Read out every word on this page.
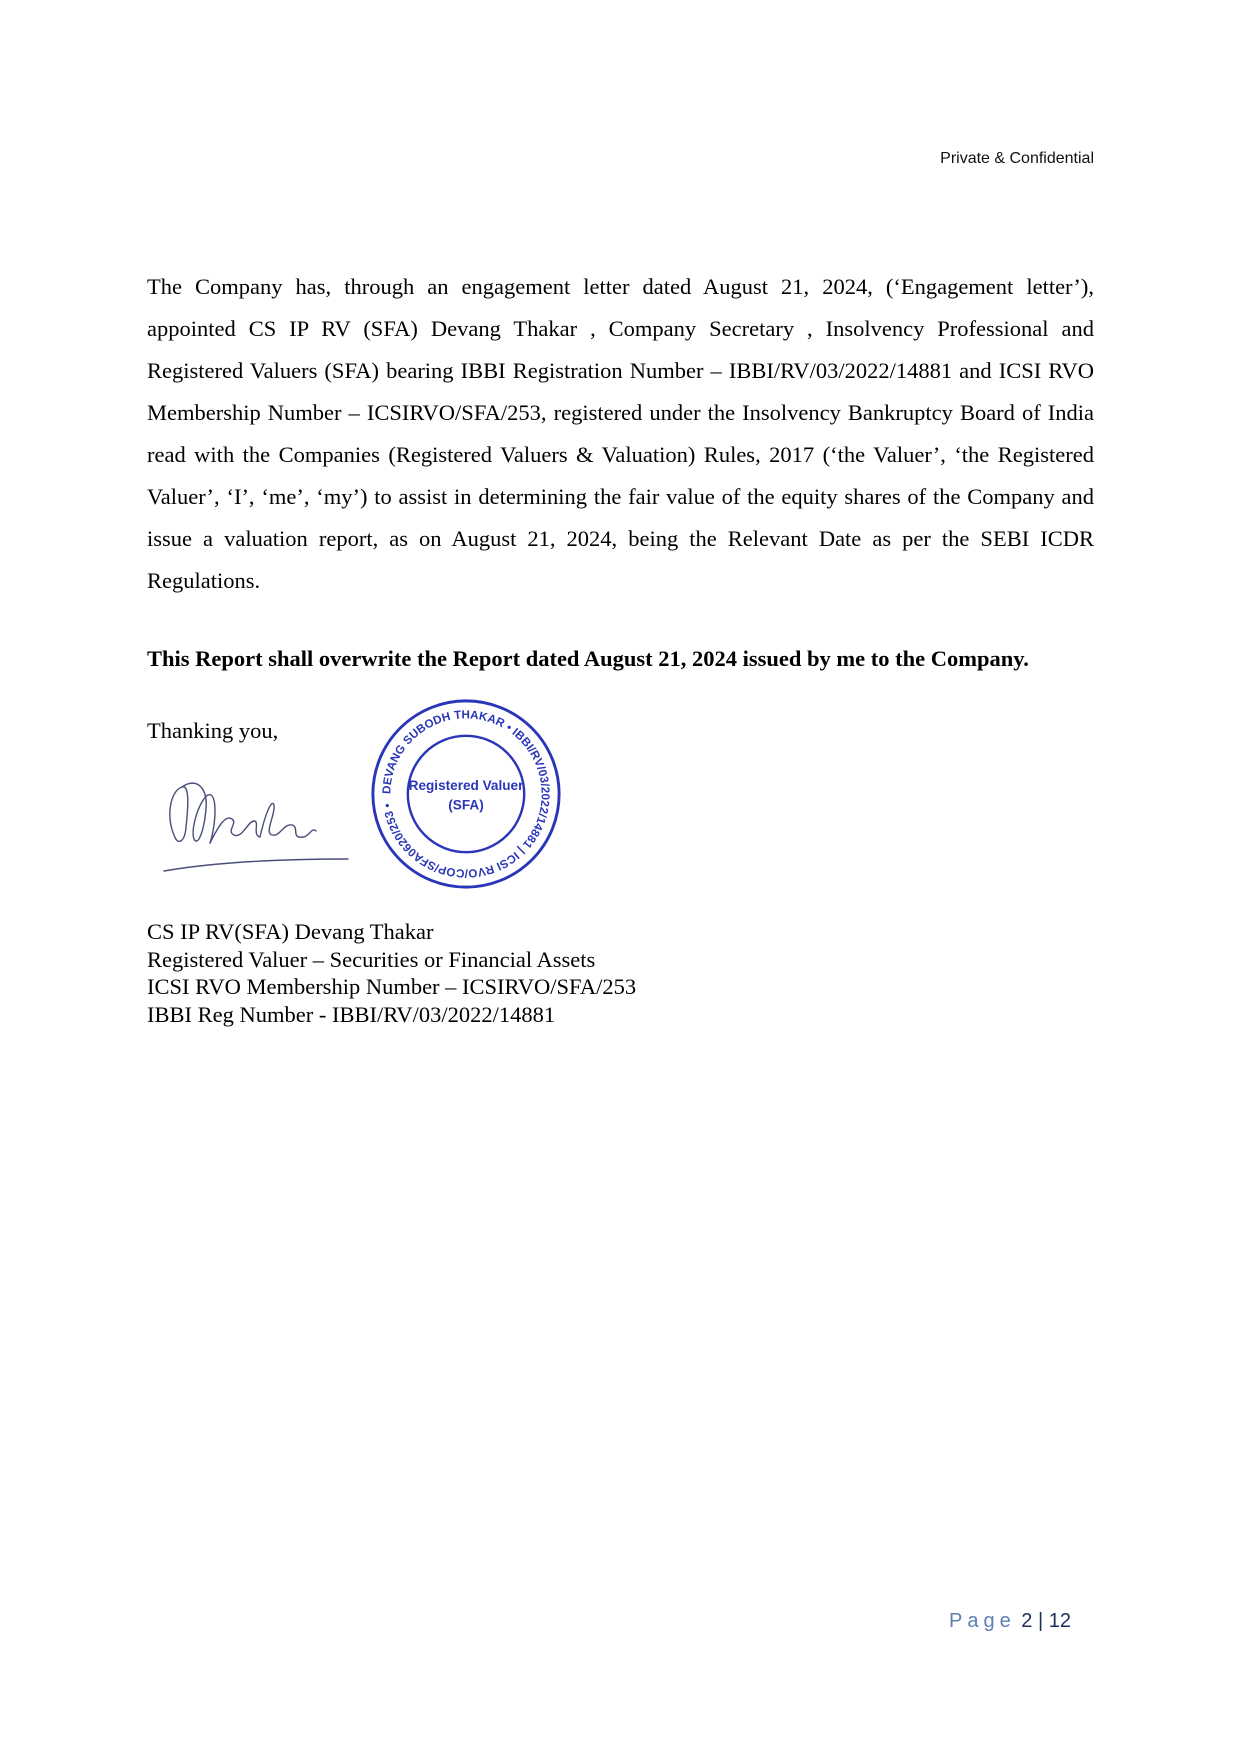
Private & Confidential

The Company has, through an engagement letter dated August 21, 2024, (‘Engagement letter’), appointed CS IP RV (SFA) Devang Thakar , Company Secretary , Insolvency Professional and Registered Valuers (SFA) bearing IBBI Registration Number – IBBI/RV/03/2022/14881 and ICSI RVO Membership Number – ICSIRVO/SFA/253, registered under the Insolvency Bankruptcy Board of India read with the Companies (Registered Valuers & Valuation) Rules, 2017 (‘the Valuer’, ‘the Registered Valuer’, ‘I’, ‘me’, ‘my’) to assist in determining the fair value of the equity shares of the Company and issue a valuation report, as on August 21, 2024, being the Relevant Date as per the SEBI ICDR Regulations.

This Report shall overwrite the Report dated August 21, 2024 issued by me to the Company.

Thanking you,

DEVANG SUBODH THAKAR • IBBI/RV/03/2022/14881 | ICSI RVO/COP/SFA0620/253 •
Registered Valuer
(SFA)
CS IP RV(SFA) Devang Thakar
Registered Valuer – Securities or Financial Assets
ICSI RVO Membership Number – ICSIRVO/SFA/253
IBBI Reg Number - IBBI/RV/03/2022/14881
Page 2 | 12
